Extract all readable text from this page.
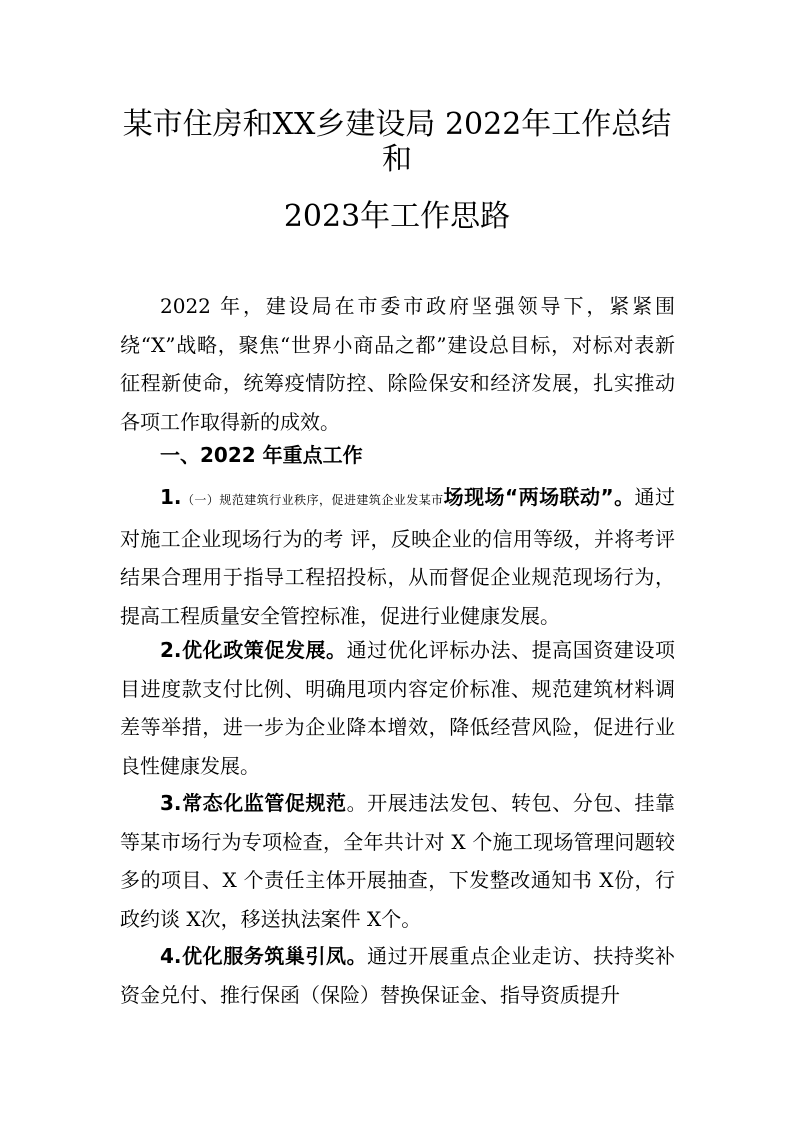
某市住房和XX乡建设局 2022年工作总结
和
2023年工作思路

2022 年，建设局在市委市政府坚强领导下，紧紧围绕“X”战略，聚焦“世界小商品之都”建设总目标，对标对表新征程新使命，统筹疫情防控、除险保安和经济发展，扎实推动各项工作取得新的成效。

一、2022 年重点工作

1.（一）规范建筑行业秩序，促进建筑企业发某市场现场“两场联动”。通过对施工企业现场行为的考 评，反映企业的信用等级，并将考评结果合理用于指导工程招投标，从而督促企业规范现场行为，提高工程质量安全管控标准，促进行业健康发展。

2.优化政策促发展。通过优化评标办法、提高国资建设项目进度款支付比例、明确甩项内容定价标准、规范建筑材料调差等举措，进一步为企业降本增效，降低经营风险，促进行业良性健康发展。

3.常态化监管促规范。开展违法发包、转包、分包、挂靠等某市场行为专项检查，全年共计对 X 个施工现场管理问题较多的项目、X 个责任主体开展抽查，下发整改通知书 X份，行政约谈 X次，移送执法案件 X个。

4.优化服务筑巢引凤。通过开展重点企业走访、扶持奖补资金兑付、推行保函（保险）替换保证金、指导资质提升
